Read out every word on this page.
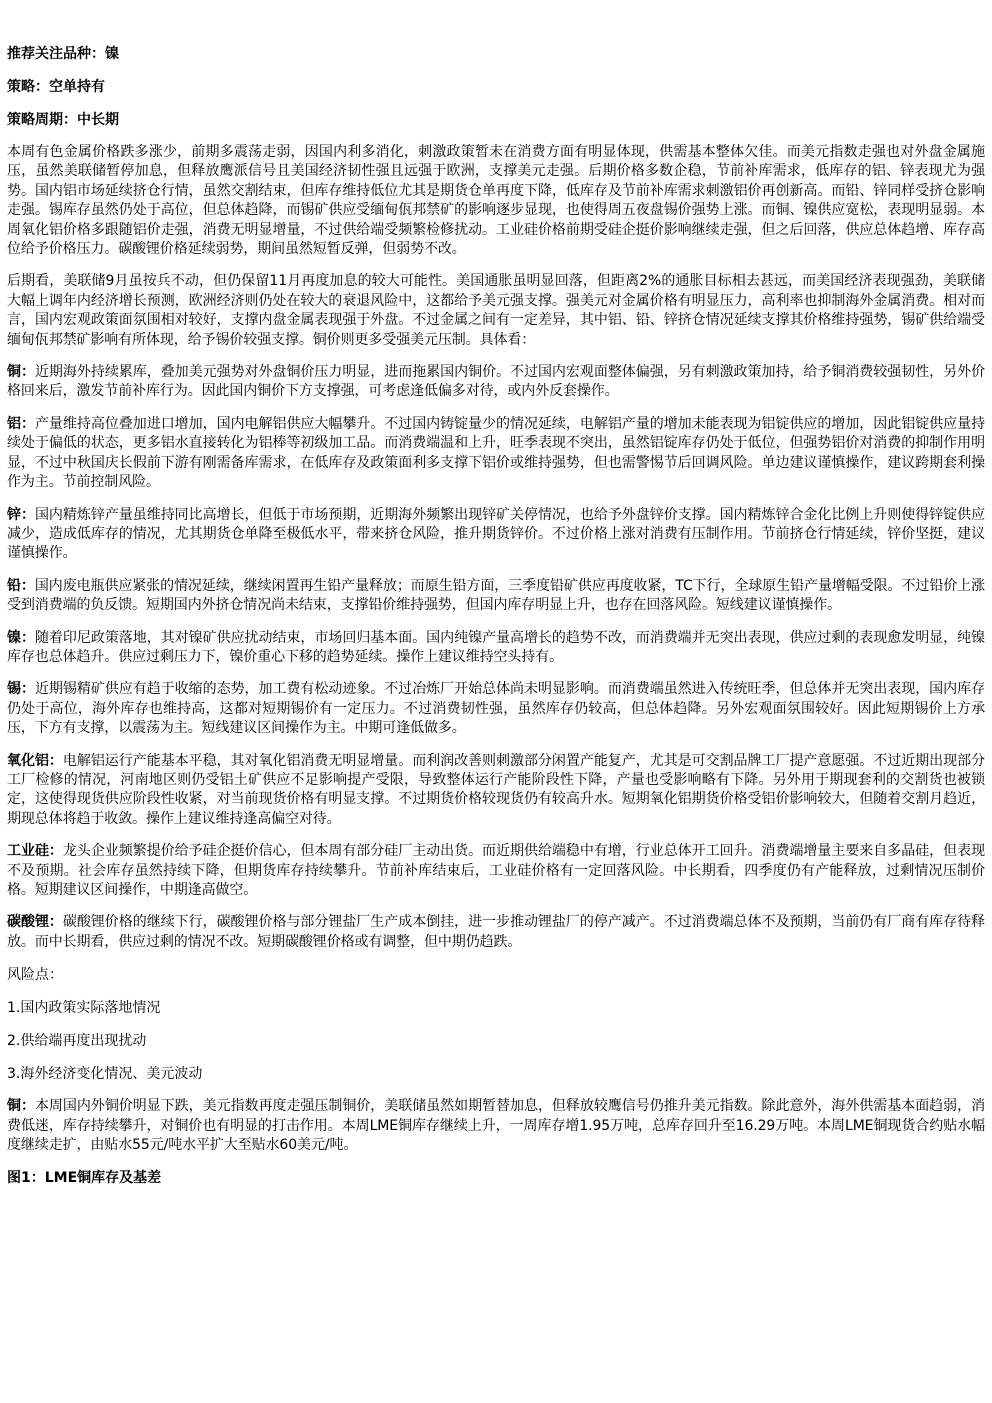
推荐关注品种：镍

策略：空单持有

策略周期：中长期

本周有色金属价格跌多涨少，前期多震荡走弱，因国内利多消化，刺激政策暂未在消费方面有明显体现，供需基本整体欠佳。而美元指数走强也对外盘金属施压，虽然美联储暂停加息，但释放鹰派信号且美国经济韧性强且远强于欧洲，支撑美元走强。后期价格多数企稳，节前补库需求，低库存的铝、锌表现尤为强势。国内铝市场延续挤仓行情，虽然交割结束，但库存维持低位尤其是期货仓单再度下降，低库存及节前补库需求刺激铝价再创新高。而铅、锌同样受挤仓影响走强。锡库存虽然仍处于高位，但总体趋降，而锡矿供应受缅甸佤邦禁矿的影响逐步显现，也使得周五夜盘锡价强势上涨。而铜、镍供应宽松，表现明显弱。本周氧化铝价格多跟随铝价走强，消费无明显增量，不过供给端受频繁检修扰动。工业硅价格前期受硅企挺价影响继续走强，但之后回落，供应总体趋增、库存高位给予价格压力。碳酸锂价格延续弱势，期间虽然短暂反弹，但弱势不改。

后期看，美联储9月虽按兵不动，但仍保留11月再度加息的较大可能性。美国通胀虽明显回落，但距离2%的通胀目标相去甚远，而美国经济表现强劲，美联储大幅上调年内经济增长预测，欧洲经济则仍处在较大的衰退风险中，这都给予美元强支撑。强美元对金属价格有明显压力，高利率也抑制海外金属消费。相对而言，国内宏观政策面氛围相对较好，支撑内盘金属表现强于外盘。不过金属之间有一定差异，其中铝、铅、锌挤仓情况延续支撑其价格维持强势，锡矿供给端受缅甸佤邦禁矿影响有所体现，给予锡价较强支撑。铜价则更多受强美元压制。具体看：

铜：近期海外持续累库，叠加美元强势对外盘铜价压力明显，进而拖累国内铜价。不过国内宏观面整体偏强，另有刺激政策加持，给予铜消费较强韧性，另外价格回来后，激发节前补库行为。因此国内铜价下方支撑强，可考虑逢低偏多对待，或内外反套操作。

铝：产量维持高位叠加进口增加，国内电解铝供应大幅攀升。不过国内铸锭量少的情况延续，电解铝产量的增加未能表现为铝锭供应的增加，因此铝锭供应量持续处于偏低的状态，更多铝水直接转化为铝棒等初级加工品。而消费端温和上升，旺季表现不突出，虽然铝锭库存仍处于低位，但强势铝价对消费的抑制作用明显，不过中秋国庆长假前下游有刚需备库需求，在低库存及政策面利多支撑下铝价或维持强势，但也需警惕节后回调风险。单边建议谨慎操作，建议跨期套利操作为主。节前控制风险。

锌：国内精炼锌产量虽维持同比高增长，但低于市场预期，近期海外频繁出现锌矿关停情况，也给予外盘锌价支撑。国内精炼锌合金化比例上升则使得锌锭供应减少，造成低库存的情况，尤其期货仓单降至极低水平，带来挤仓风险，推升期货锌价。不过价格上涨对消费有压制作用。节前挤仓行情延续，锌价坚挺，建议谨慎操作。

铅：国内废电瓶供应紧张的情况延续，继续闲置再生铅产量释放；而原生铅方面，三季度铅矿供应再度收紧，TC下行，全球原生铅产量增幅受限。不过铅价上涨受到消费端的负反馈。短期国内外挤仓情况尚未结束，支撑铅价维持强势，但国内库存明显上升，也存在回落风险。短线建议谨慎操作。

镍：随着印尼政策落地，其对镍矿供应扰动结束，市场回归基本面。国内纯镍产量高增长的趋势不改，而消费端并无突出表现，供应过剩的表现愈发明显，纯镍库存也总体趋升。供应过剩压力下，镍价重心下移的趋势延续。操作上建议维持空头持有。

锡：近期锡精矿供应有趋于收缩的态势，加工费有松动迹象。不过冶炼厂开始总体尚未明显影响。而消费端虽然进入传统旺季，但总体并无突出表现，国内库存仍处于高位，海外库存也维持高，这都对短期锡价有一定压力。不过消费韧性强，虽然库存仍较高，但总体趋降。另外宏观面氛围较好。因此短期锡价上方承压，下方有支撑，以震荡为主。短线建议区间操作为主。中期可逢低做多。

氧化铝：电解铝运行产能基本平稳，其对氧化铝消费无明显增量。而利润改善则刺激部分闲置产能复产，尤其是可交割品牌工厂提产意愿强。不过近期出现部分工厂检修的情况，河南地区则仍受铝土矿供应不足影响提产受限，导致整体运行产能阶段性下降，产量也受影响略有下降。另外用于期现套利的交割货也被锁定，这使得现货供应阶段性收紧，对当前现货价格有明显支撑。不过期货价格较现货仍有较高升水。短期氧化铝期货价格受铝价影响较大，但随着交割月趋近，期现总体将趋于收敛。操作上建议维持逢高偏空对待。

工业硅：龙头企业频繁提价给予硅企挺价信心，但本周有部分硅厂主动出货。而近期供给端稳中有增，行业总体开工回升。消费端增量主要来自多晶硅，但表现不及预期。社会库存虽然持续下降，但期货库存持续攀升。节前补库结束后，工业硅价格有一定回落风险。中长期看，四季度仍有产能释放，过剩情况压制价格。短期建议区间操作，中期逢高做空。

碳酸锂：碳酸锂价格的继续下行，碳酸锂价格与部分锂盐厂生产成本倒挂，进一步推动锂盐厂的停产减产。不过消费端总体不及预期，当前仍有厂商有库存待释放。而中长期看，供应过剩的情况不改。短期碳酸锂价格或有调整，但中期仍趋跌。

风险点：

1.国内政策实际落地情况

2.供给端再度出现扰动

3.海外经济变化情况、美元波动

铜：本周国内外铜价明显下跌，美元指数再度走强压制铜价，美联储虽然如期暂替加息，但释放较鹰信号仍推升美元指数。除此意外，海外供需基本面趋弱，消费低迷，库存持续攀升，对铜价也有明显的打击作用。本周LME铜库存继续上升，一周库存增1.95万吨，总库存回升至16.29万吨。本周LME铜现货合约贴水幅度继续走扩，由贴水55元/吨水平扩大至贴水60美元/吨。

图1：LME铜库存及基差
